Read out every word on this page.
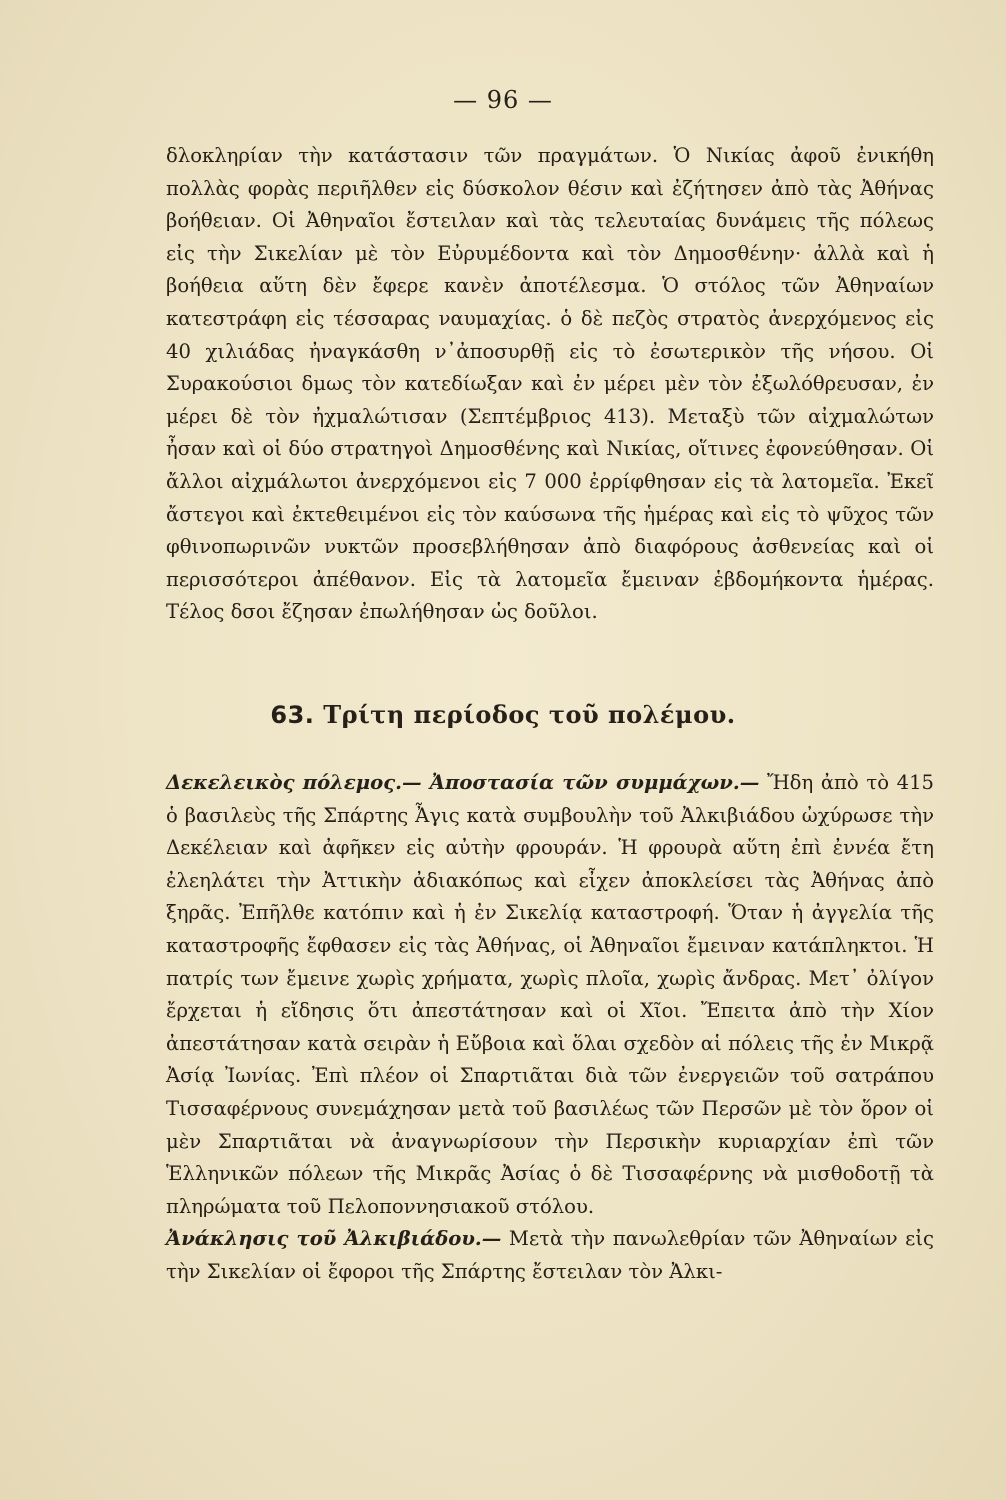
— 96 —

δλοκληρίαν τὴν κατάστασιν τῶν πραγμάτων. Ὁ Νικίας ἀφοῦ ἐνικήθη πολλὰς φορὰς περιῆλθεν εἰς δύσκολον θέσιν καὶ ἐζήτησεν ἀπὸ τὰς Ἀθήνας βοήθειαν. Οἱ Ἀθηναῖοι ἔστειλαν καὶ τὰς τελευταίας δυνάμεις τῆς πόλεως εἰς τὴν Σικελίαν μὲ τὸν Εὐρυμέδοντα καὶ τὸν Δημοσθένην· ἀλλὰ καὶ ἡ βοήθεια αὕτη δὲν ἔφερε κανὲν ἀποτέλεσμα. Ὁ στόλος τῶν Ἀθηναίων κατεστράφη εἰς τέσσαρας ναυμαχίας. ὁ δὲ πεζὸς στρατὸς ἀνερχόμενος εἰς 40 χιλιάδας ἠναγκάσθη ν᾽ἀποσυρθῇ εἰς τὸ ἐσωτερικὸν τῆς νήσου. Οἱ Συρακούσιοι δμως τὸν κατεδίωξαν καὶ ἐν μέρει μὲν τὸν ἐξωλόθρευσαν, ἐν μέρει δὲ τὸν ἠχμαλώτισαν (Σεπτέμβριος 413). Μεταξὺ τῶν αἰχμαλώτων ἦσαν καὶ οἱ δύο στρατηγοὶ Δημοσθένης καὶ Νικίας, οἵτινες ἐφονεύθησαν. Οἱ ἄλλοι αἰχμάλωτοι ἀνερχόμενοι εἰς 7 000 ἐρρίφθησαν εἰς τὰ λατομεῖα. Ἐκεῖ ἄστεγοι καὶ ἐκτεθειμένοι εἰς τὸν καύσωνα τῆς ἡμέρας καὶ εἰς τὸ ψῦχος τῶν φθινοπωρινῶν νυκτῶν προσεβλήθησαν ἀπὸ διαφόρους ἀσθενείας καὶ οἱ περισσότεροι ἀπέθανον. Εἰς τὰ λατομεῖα ἔμειναν ἑβδομήκοντα ἡμέρας. Τέλος δσοι ἔζησαν ἐπωλήθησαν ὡς δοῦλοι.

63. Τρίτη περίοδος τοῦ πολέμου.

Δεκελεικὸς πόλεμος.— Ἀποστασία τῶν συμμάχων.— Ἤδη ἀπὸ τὸ 415 ὁ βασιλεὺς τῆς Σπάρτης Ἆγις κατὰ συμβουλὴν τοῦ Ἀλκιβιάδου ὠχύρωσε τὴν Δεκέλειαν καὶ ἀφῆκεν εἰς αὐτὴν φρουράν. Ἡ φρουρὰ αὕτη ἐπὶ ἐννέα ἔτη ἐλεηλάτει τὴν Ἀττικὴν ἀδιακόπως καὶ εἶχεν ἀποκλείσει τὰς Ἀθήνας ἀπὸ ξηρᾶς. Ἐπῆλθε κατόπιν καὶ ἡ ἐν Σικελίᾳ καταστροφή. Ὅταν ἡ ἀγγελία τῆς καταστροφῆς ἔφθασεν εἰς τὰς Ἀθήνας, οἱ Ἀθηναῖοι ἔμειναν κατάπληκτοι. Ἡ πατρίς των ἔμεινε χωρὶς χρήματα, χωρὶς πλοῖα, χωρὶς ἄνδρας. Μετ᾽ ὀλίγον ἔρχεται ἡ εἴδησις ὅτι ἀπεστάτησαν καὶ οἱ Χῖοι. Ἔπειτα ἀπὸ τὴν Χίον ἀπεστάτησαν κατὰ σειρὰν ἡ Εὔβοια καὶ ὅλαι σχεδὸν αἱ πόλεις τῆς ἐν Μικρᾷ Ἀσίᾳ Ἰωνίας. Ἐπὶ πλέον οἱ Σπαρτιᾶται διὰ τῶν ἐνεργειῶν τοῦ σατράπου Τισσαφέρνους συνεμάχησαν μετὰ τοῦ βασιλέως τῶν Περσῶν μὲ τὸν ὅρον οἱ μὲν Σπαρτιᾶται νὰ ἀναγνωρίσουν τὴν Περσικὴν κυριαρχίαν ἐπὶ τῶν Ἑλληνικῶν πόλεων τῆς Μικρᾶς Ἀσίας ὁ δὲ Τισσαφέρνης νὰ μισθοδοτῇ τὰ πληρώματα τοῦ Πελοποννησιακοῦ στόλου.

Ἀνάκλησις τοῦ Ἀλκιβιάδου.— Μετὰ τὴν πανωλεθρίαν τῶν Ἀθηναίων εἰς τὴν Σικελίαν οἱ ἔφοροι τῆς Σπάρτης ἔστειλαν τὸν Ἀλκι-
